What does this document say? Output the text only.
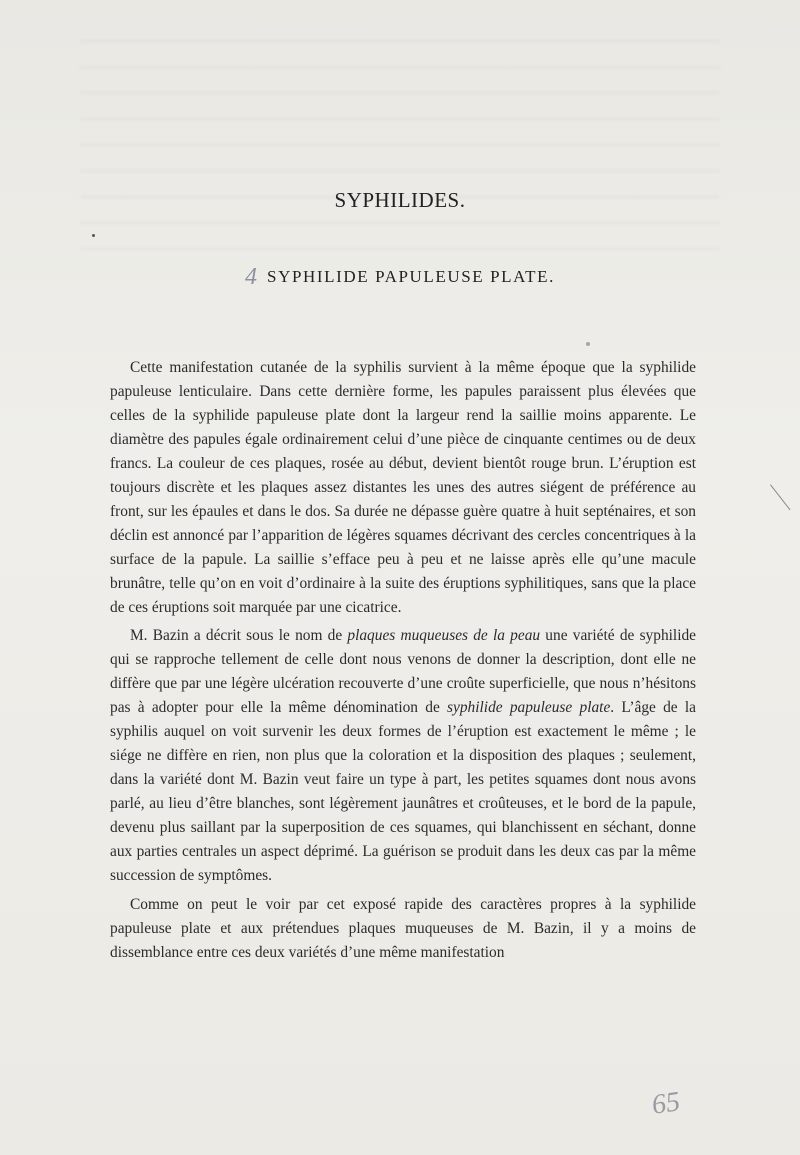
SYPHILIDES.
4 SYPHILIDE PAPULEUSE PLATE.

Cette manifestation cutanée de la syphilis survient à la même époque que la syphilide papuleuse lenticulaire. Dans cette dernière forme, les papules paraissent plus élevées que celles de la syphilide papuleuse plate dont la largeur rend la saillie moins apparente. Le diamètre des papules égale ordinairement celui d’une pièce de cinquante centimes ou de deux francs. La couleur de ces plaques, rosée au début, devient bientôt rouge brun. L’éruption est toujours discrète et les plaques assez distantes les unes des autres siégent de préférence au front, sur les épaules et dans le dos. Sa durée ne dépasse guère quatre à huit septénaires, et son déclin est annoncé par l’apparition de légères squames décrivant des cercles concentriques à la surface de la papule. La saillie s’efface peu à peu et ne laisse après elle qu’une macule brunâtre, telle qu’on en voit d’ordinaire à la suite des éruptions syphilitiques, sans que la place de ces éruptions soit marquée par une cicatrice.

M. Bazin a décrit sous le nom de plaques muqueuses de la peau une variété de syphilide qui se rapproche tellement de celle dont nous venons de donner la description, dont elle ne diffère que par une légère ulcération recouverte d’une croûte superficielle, que nous n’hésitons pas à adopter pour elle la même dénomination de syphilide papuleuse plate. L’âge de la syphilis auquel on voit survenir les deux formes de l’éruption est exactement le même ; le siége ne diffère en rien, non plus que la coloration et la disposition des plaques ; seulement, dans la variété dont M. Bazin veut faire un type à part, les petites squames dont nous avons parlé, au lieu d’être blanches, sont légèrement jaunâtres et croûteuses, et le bord de la papule, devenu plus saillant par la superposition de ces squames, qui blanchissent en séchant, donne aux parties centrales un aspect déprimé. La guérison se produit dans les deux cas par la même succession de symptômes.

Comme on peut le voir par cet exposé rapide des caractères propres à la syphilide papuleuse plate et aux prétendues plaques muqueuses de M. Bazin, il y a moins de dissemblance entre ces deux variétés d’une même manifestation

65
